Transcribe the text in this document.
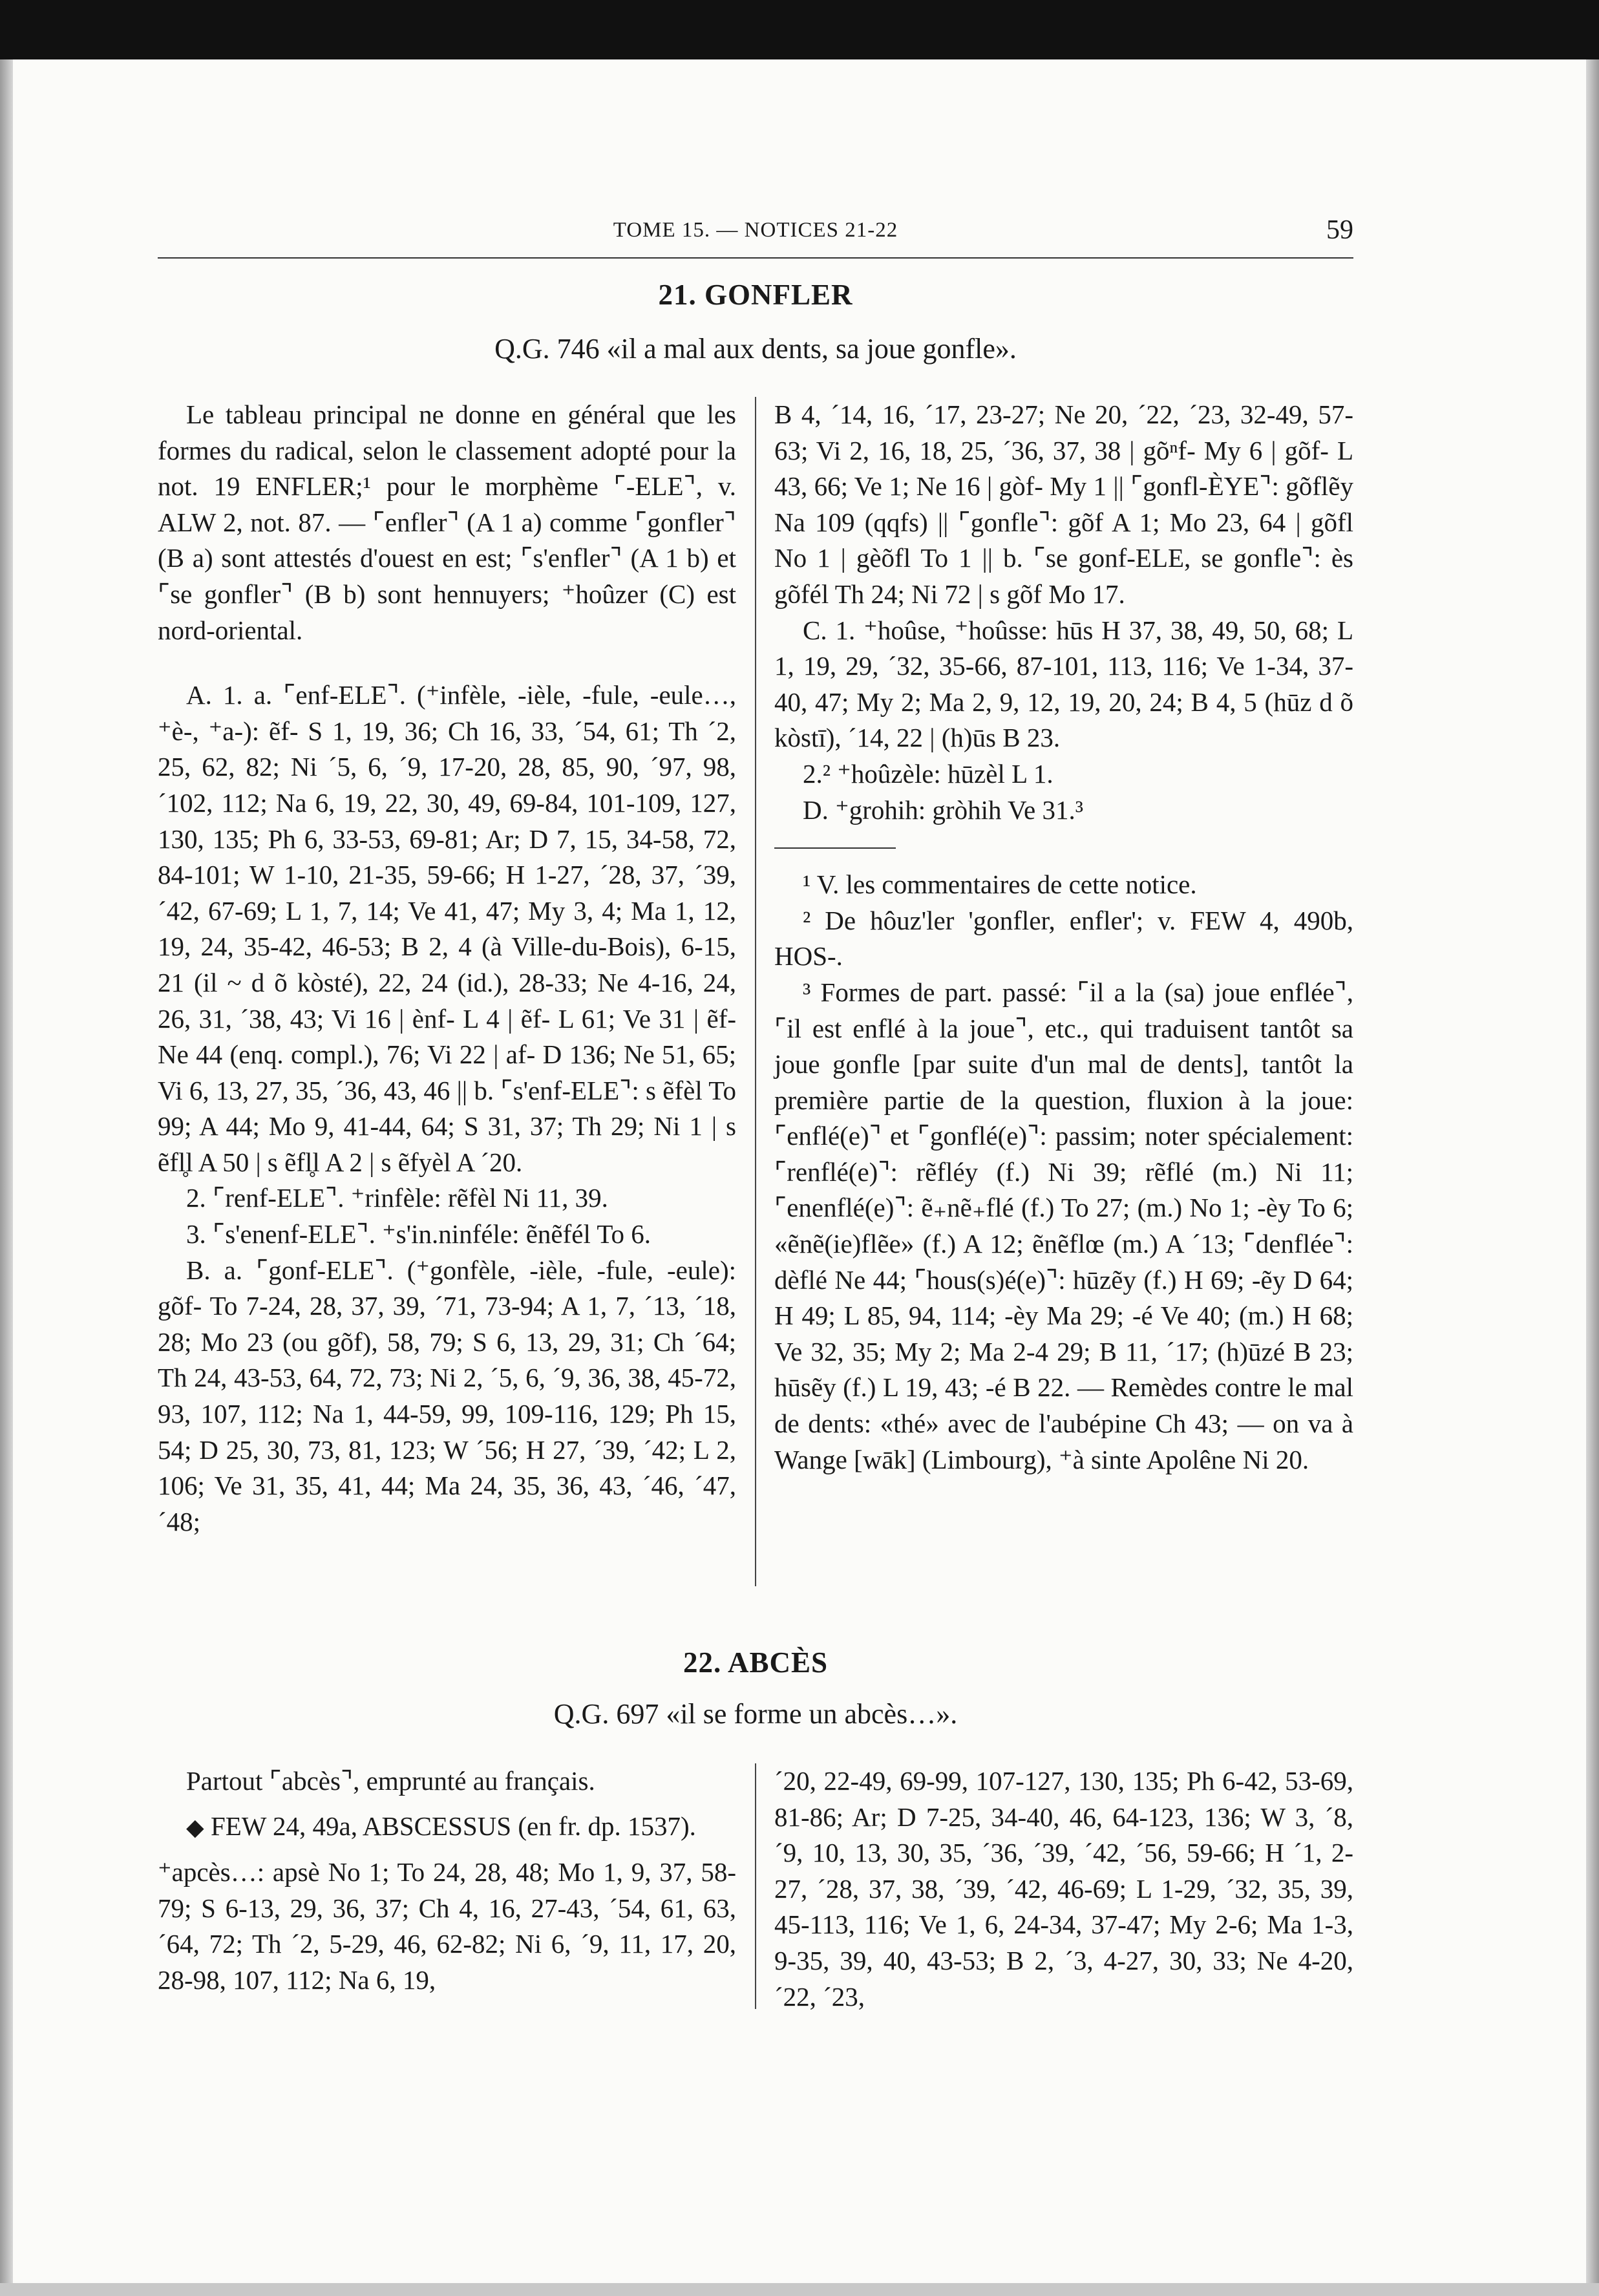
TOME 15. — NOTICES 21-22	59
21. GONFLER
Q.G. 746 «il a mal aux dents, sa joue gonfle».

Le tableau principal ne donne en général que les formes du radical, selon le classement adopté pour la not. 19 ENFLER;¹ pour le morphème ⌜-ELE⌝, v. ALW 2, not. 87. — ⌜enfler⌝ (A 1 a) comme ⌜gonfler⌝ (B a) sont attestés d'ouest en est; ⌜s'enfler⌝ (A 1 b) et ⌜se gonfler⌝ (B b) sont hennuyers; ⁺hoûzer (C) est nord-oriental.

A. 1. a. ⌜enf-ELE⌝. (⁺infèle, -ièle, -fule, -eule…, ⁺è-, ⁺a-): ẽf- S 1, 19, 36; Ch 16, 33, ´54, 61; Th ´2, 25, 62, 82; Ni ´5, 6, ´9, 17-20, 28, 85, 90, ´97, 98, ´102, 112; Na 6, 19, 22, 30, 49, 69-84, 101-109, 127, 130, 135; Ph 6, 33-53, 69-81; Ar; D 7, 15, 34-58, 72, 84-101; W 1-10, 21-35, 59-66; H 1-27, ´28, 37, ´39, ´42, 67-69; L 1, 7, 14; Ve 41, 47; My 3, 4; Ma 1, 12, 19, 24, 35-42, 46-53; B 2, 4 (à Ville-du-Bois), 6-15, 21 (il ~ d õ kòsté), 22, 24 (id.), 28-33; Ne 4-16, 24, 26, 31, ´38, 43; Vi 16 | ènf- L 4 | ẽf- L 61; Ve 31 | ẽf- Ne 44 (enq. compl.), 76; Vi 22 | af- D 136; Ne 51, 65; Vi 6, 13, 27, 35, ´36, 43, 46 || b. ⌜s'enf-ELE⌝: s ẽfèl To 99; A 44; Mo 9, 41-44, 64; S 31, 37; Th 29; Ni 1 | s ẽfl̥l A 50 | s ẽfl̥l A 2 | s ẽfyèl A ´20.

2. ⌜renf-ELE⌝. ⁺rinfèle: rẽfèl Ni 11, 39.

3. ⌜s'enenf-ELE⌝. ⁺s'in.ninféle: ẽnẽfél To 6.

B. a. ⌜gonf-ELE⌝. (⁺gonfèle, -ièle, -fule, -eule): gõf- To 7-24, 28, 37, 39, ´71, 73-94; A 1, 7, ´13, ´18, 28; Mo 23 (ou gõf), 58, 79; S 6, 13, 29, 31; Ch ´64; Th 24, 43-53, 64, 72, 73; Ni 2, ´5, 6, ´9, 36, 38, 45-72, 93, 107, 112; Na 1, 44-59, 99, 109-116, 129; Ph 15, 54; D 25, 30, 73, 81, 123; W ´56; H 27, ´39, ´42; L 2, 106; Ve 31, 35, 41, 44; Ma 24, 35, 36, 43, ´46, ´47, ´48;

B 4, ´14, 16, ´17, 23-27; Ne 20, ´22, ´23, 32-49, 57-63; Vi 2, 16, 18, 25, ´36, 37, 38 | gõⁿf- My 6 | gõf- L 43, 66; Ve 1; Ne 16 | gòf- My 1 || ⌜gonfl-ÈYE⌝: gõflẽy Na 109 (qqfs) || ⌜gonfle⌝: gõf A 1; Mo 23, 64 | gõfl No 1 | gèõfl To 1 || b. ⌜se gonf-ELE, se gonfle⌝: ès gõfél Th 24; Ni 72 | s gõf Mo 17.

C. 1. ⁺hoûse, ⁺hoûsse: hūs H 37, 38, 49, 50, 68; L 1, 19, 29, ´32, 35-66, 87-101, 113, 116; Ve 1-34, 37-40, 47; My 2; Ma 2, 9, 12, 19, 20, 24; B 4, 5 (hūz d õ kòstī), ´14, 22 | (h)ūs B 23.

2.² ⁺hoûzèle: hūzèl L 1.

D. ⁺grohih: gròhih Ve 31.³

¹ V. les commentaires de cette notice.

² De hôuz'ler 'gonfler, enfler'; v. FEW 4, 490b, HOS-.

³ Formes de part. passé: ⌜il a la (sa) joue enflée⌝, ⌜il est enflé à la joue⌝, etc., qui traduisent tantôt sa joue gonfle [par suite d'un mal de dents], tantôt la première partie de la question, fluxion à la joue: ⌜enflé(e)⌝ et ⌜gonflé(e)⌝: passim; noter spécialement: ⌜renflé(e)⌝: rẽfléy (f.) Ni 39; rẽflé (m.) Ni 11; ⌜enenflé(e)⌝: ẽ₊nẽ₊flé (f.) To 27; (m.) No 1; -èy To 6; «ẽnẽ(ie)flẽe» (f.) A 12; ẽnẽflœ (m.) A ´13; ⌜denflée⌝: dèflé Ne 44; ⌜hous(s)é(e)⌝: hūzẽy (f.) H 69; -ẽy D 64; H 49; L 85, 94, 114; -èy Ma 29; -é Ve 40; (m.) H 68; Ve 32, 35; My 2; Ma 2-4 29; B 11, ´17; (h)ūzé B 23; hūsẽy (f.) L 19, 43; -é B 22. — Remèdes contre le mal de dents: «thé» avec de l'aubépine Ch 43; — on va à Wange [wāk] (Limbourg), ⁺à sinte Apolêne Ni 20.

22. ABCÈS
Q.G. 697 «il se forme un abcès…».

Partout ⌜abcès⌝, emprunté au français.

◆ FEW 24, 49a, ABSCESSUS (en fr. dp. 1537).

⁺apcès…: apsè No 1; To 24, 28, 48; Mo 1, 9, 37, 58-79; S 6-13, 29, 36, 37; Ch 4, 16, 27-43, ´54, 61, 63, ´64, 72; Th ´2, 5-29, 46, 62-82; Ni 6, ´9, 11, 17, 20, 28-98, 107, 112; Na 6, 19,

´20, 22-49, 69-99, 107-127, 130, 135; Ph 6-42, 53-69, 81-86; Ar; D 7-25, 34-40, 46, 64-123, 136; W 3, ´8, ´9, 10, 13, 30, 35, ´36, ´39, ´42, ´56, 59-66; H ´1, 2-27, ´28, 37, 38, ´39, ´42, 46-69; L 1-29, ´32, 35, 39, 45-113, 116; Ve 1, 6, 24-34, 37-47; My 2-6; Ma 1-3, 9-35, 39, 40, 43-53; B 2, ´3, 4-27, 30, 33; Ne 4-20, ´22, ´23,
